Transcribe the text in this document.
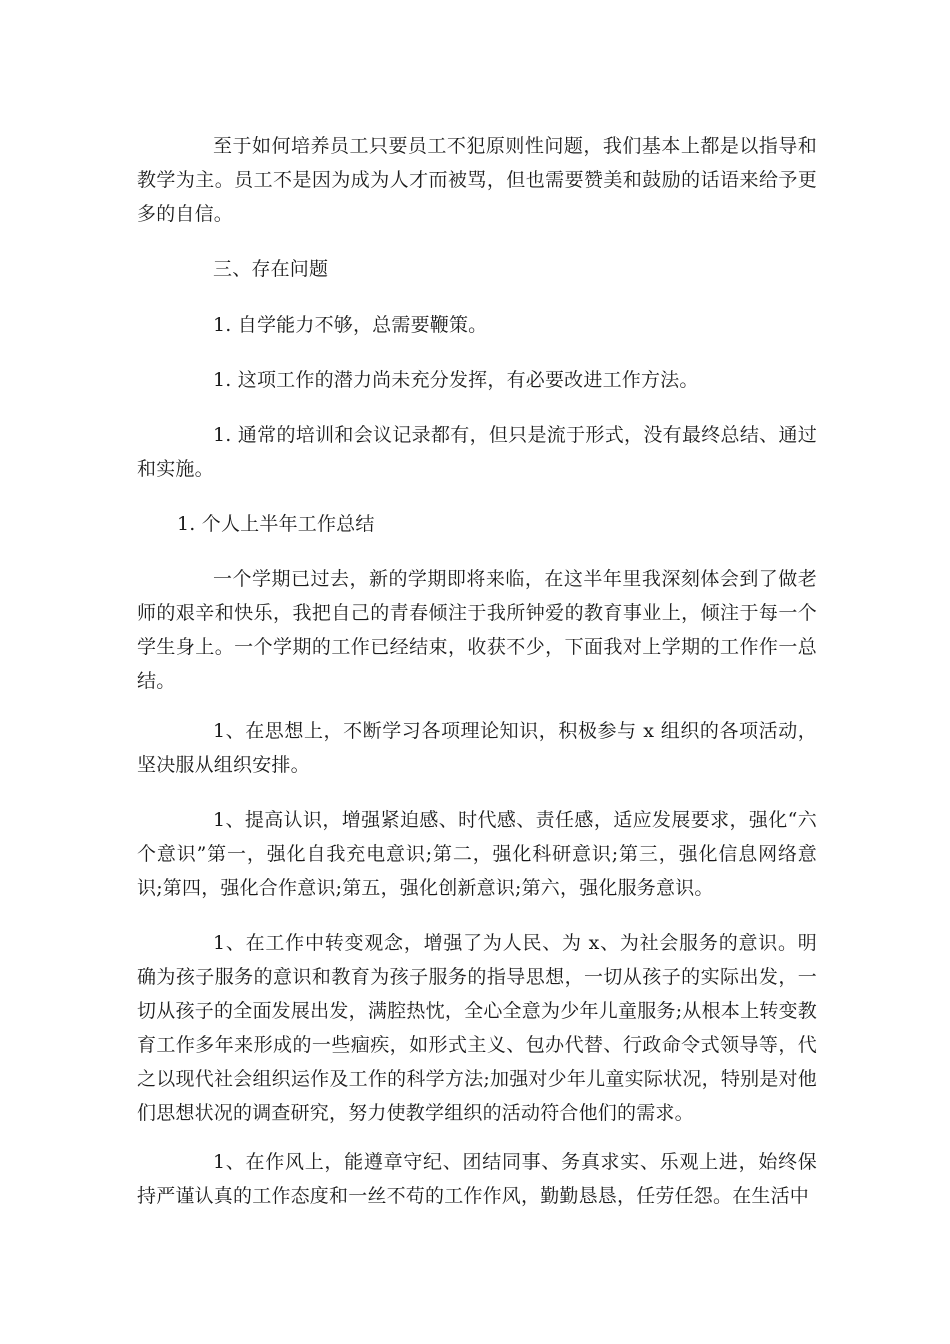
至于如何培养员工只要员工不犯原则性问题，我们基本上都是以指导和教学为主。员工不是因为成为人才而被骂，但也需要赞美和鼓励的话语来给予更多的自信。

三、存在问题

1. 自学能力不够，总需要鞭策。

1. 这项工作的潜力尚未充分发挥，有必要改进工作方法。

1. 通常的培训和会议记录都有，但只是流于形式，没有最终总结、通过和实施。

1. 个人上半年工作总结

一个学期已过去，新的学期即将来临，在这半年里我深刻体会到了做老师的艰辛和快乐，我把自己的青春倾注于我所钟爱的教育事业上，倾注于每一个学生身上。一个学期的工作已经结束，收获不少，下面我对上学期的工作作一总结。

1、在思想上，不断学习各项理论知识，积极参与 x 组织的各项活动，坚决服从组织安排。

1、提高认识，增强紧迫感、时代感、责任感，适应发展要求，强化“六个意识”第一，强化自我充电意识;第二，强化科研意识;第三，强化信息网络意识;第四，强化合作意识;第五，强化创新意识;第六，强化服务意识。

1、在工作中转变观念，增强了为人民、为 x、为社会服务的意识。明确为孩子服务的意识和教育为孩子服务的指导思想，一切从孩子的实际出发，一切从孩子的全面发展出发，满腔热忱，全心全意为少年儿童服务;从根本上转变教育工作多年来形成的一些痼疾，如形式主义、包办代替、行政命令式领导等，代之以现代社会组织运作及工作的科学方法;加强对少年儿童实际状况，特别是对他们思想状况的调查研究，努力使教学组织的活动符合他们的需求。

1、在作风上，能遵章守纪、团结同事、务真求实、乐观上进，始终保持严谨认真的工作态度和一丝不苟的工作作风，勤勤恳恳，任劳任怨。在生活中
